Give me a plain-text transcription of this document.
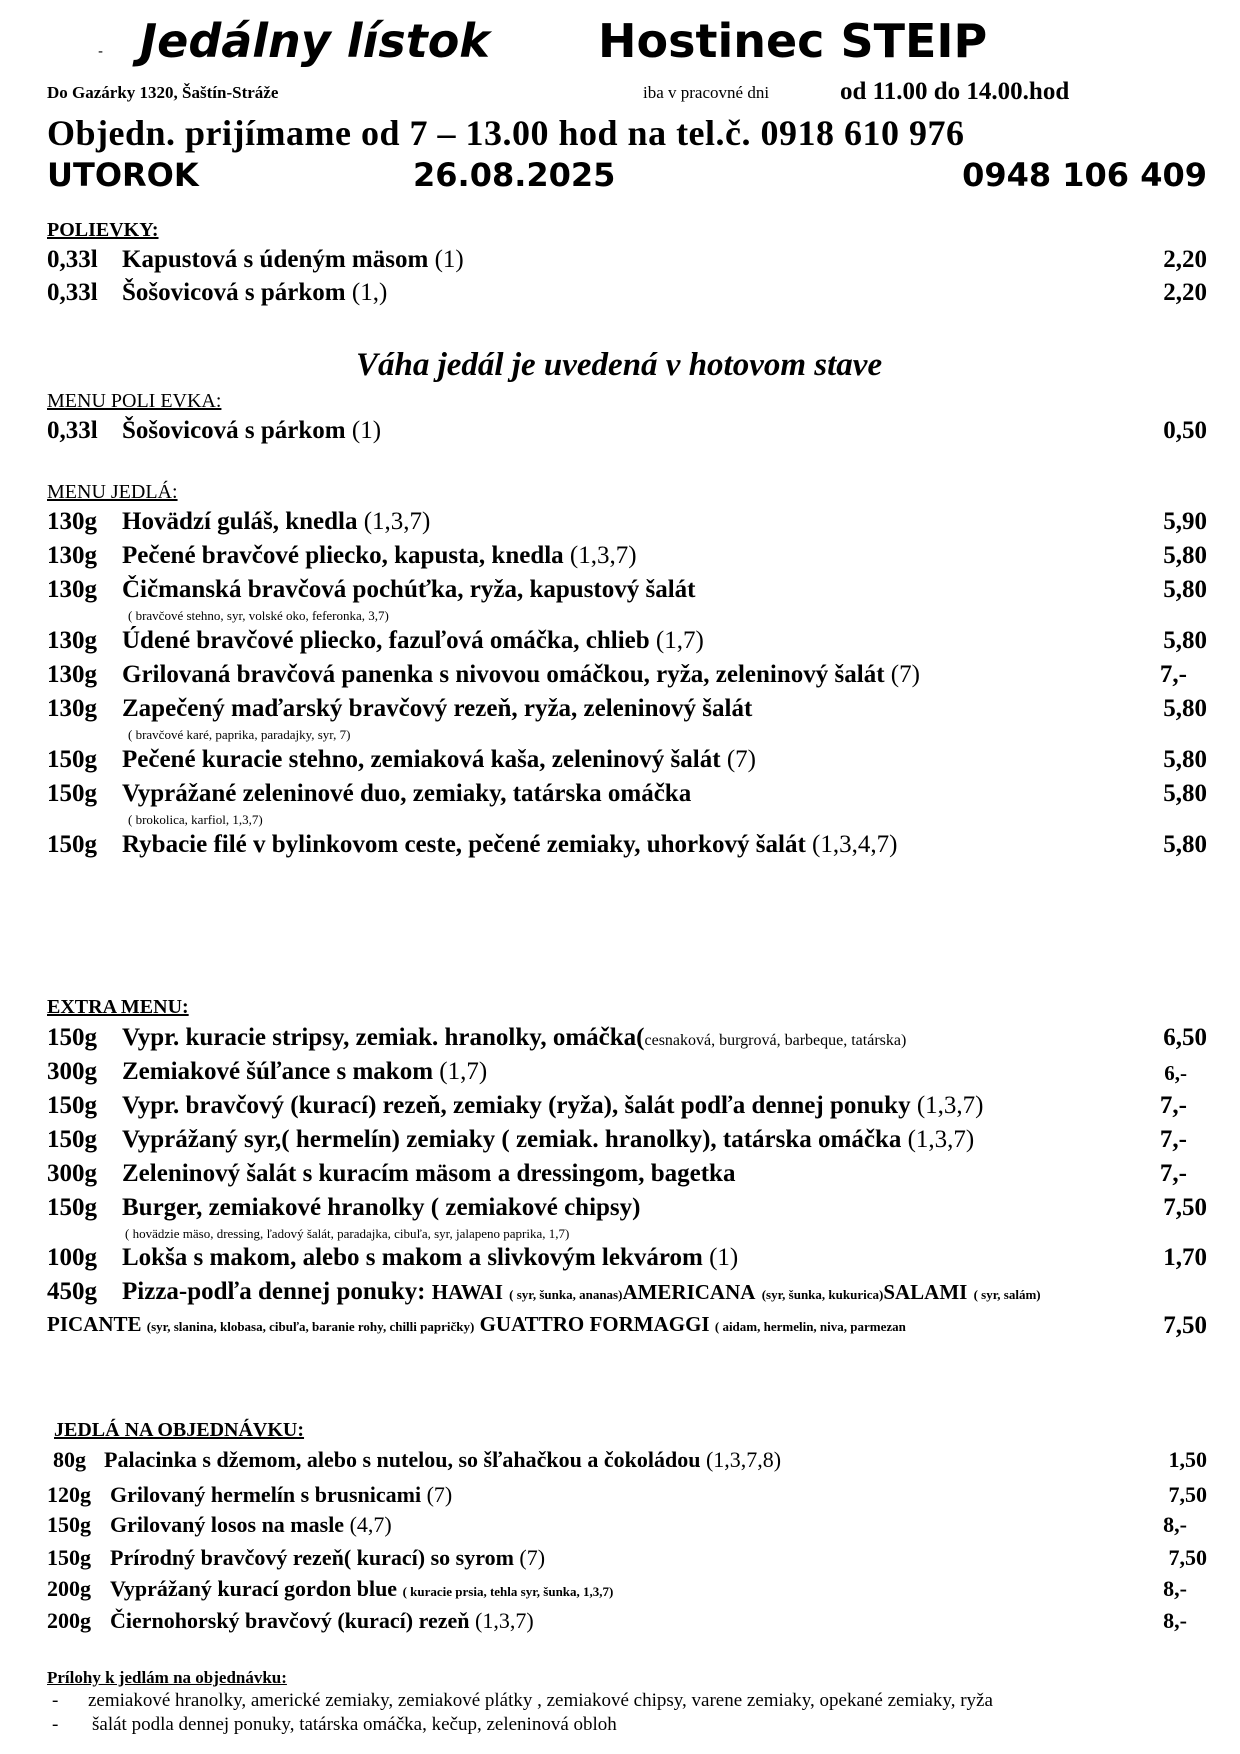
- Jedálny lístok Hostinec STEIP
Do Gazárky 1320, Šaštín-Stráže	iba v pracovné dni	od 11.00 do 14.00.hod
Objedn. prijímame od 7 – 13.00 hod na tel.č. 0918 610 976
UTOROK	26.08.2025	0948 106 409
POLIEVKY:
0,33l Kapustová s údeným mäsom (1)	2,20
0,33l Šošovicová s párkom (1,)	2,20
Váha jedál je uvedená v hotovom stave
MENU POLI EVKA:
0,33l Šošovicová s párkom (1)	0,50
MENU JEDLÁ:
130g Hovädzí guláš, knedla (1,3,7)	5,90
130g Pečené bravčové pliecko, kapusta, knedla (1,3,7)	5,80
130g Čičmanská bravčová pochúťka, ryža, kapustový šalát	5,80
( bravčové stehno, syr, volské oko, feferonka, 3,7)
130g Údené bravčové pliecko, fazuľová omáčka, chlieb (1,7)	5,80
130g Grilovaná bravčová panenka s nivovou omáčkou, ryža, zeleninový šalát (7)	7,-
130g Zapečený maďarský bravčový rezeň, ryža, zeleninový šalát	5,80
( bravčové karé, paprika, paradajky, syr, 7)
150g Pečené kuracie stehno, zemiaková kaša, zeleninový šalát (7)	5,80
150g Vyprážané zeleninové duo, zemiaky, tatárska omáčka	5,80
( brokolica, karfiol, 1,3,7)
150g Rybacie filé v bylinkovom ceste, pečené zemiaky, uhorkový šalát (1,3,4,7)	5,80
EXTRA MENU:
150g Vypr. kuracie stripsy, zemiak. hranolky, omáčka(cesnaková, burgrová, barbeque, tatárska)	6,50
300g Zemiakové šúľance s makom (1,7)	6,-
150g Vypr. bravčový (kurací) rezeň, zemiaky (ryža), šalát podľa dennej ponuky (1,3,7)	7,-
150g Vyprážaný syr,( hermelín) zemiaky ( zemiak. hranolky), tatárska omáčka (1,3,7)	7,-
300g Zeleninový šalát s kuracím mäsom a dressingom, bagetka	7,-
150g Burger, zemiakové hranolky ( zemiakové chipsy)	7,50
( hovädzie mäso, dressing, ľadový šalát, paradajka, cibuľa, syr, jalapeno paprika, 1,7)
100g Lokša s makom, alebo s makom a slivkovým lekvárom (1)	1,70
450g Pizza-podľa dennej ponuky: HAWAI ( syr, šunka, ananas)AMERICANA (syr, šunka, kukurica)SALAMI ( syr, salám)
PICANTE (syr, slanina, klobasa, cibuľa, baranie rohy, chilli papričky) GUATTRO FORMAGGI ( aidam, hermelin, niva, parmezan	7,50
JEDLÁ NA OBJEDNÁVKU:
80g Palacinka s džemom, alebo s nutelou, so šľahačkou a čokoládou (1,3,7,8)	1,50
120g Grilovaný hermelín s brusnicami (7)	7,50
150g Grilovaný losos na masle (4,7)	8,-
150g Prírodný bravčový rezeň( kurací) so syrom (7)	7,50
200g Vyprážaný kurací gordon blue ( kuracie prsia, tehla syr, šunka, 1,3,7)	8,-
200g Čiernohorský bravčový (kurací) rezeň (1,3,7)	8,-
Prílohy k jedlám na objednávku:
- zemiakové hranolky, americké zemiaky, zemiakové plátky , zemiakové chipsy, varene zemiaky, opekané zemiaky, ryža
- šalát podla dennej ponuky, tatárska omáčka, kečup, zeleninová obloh
